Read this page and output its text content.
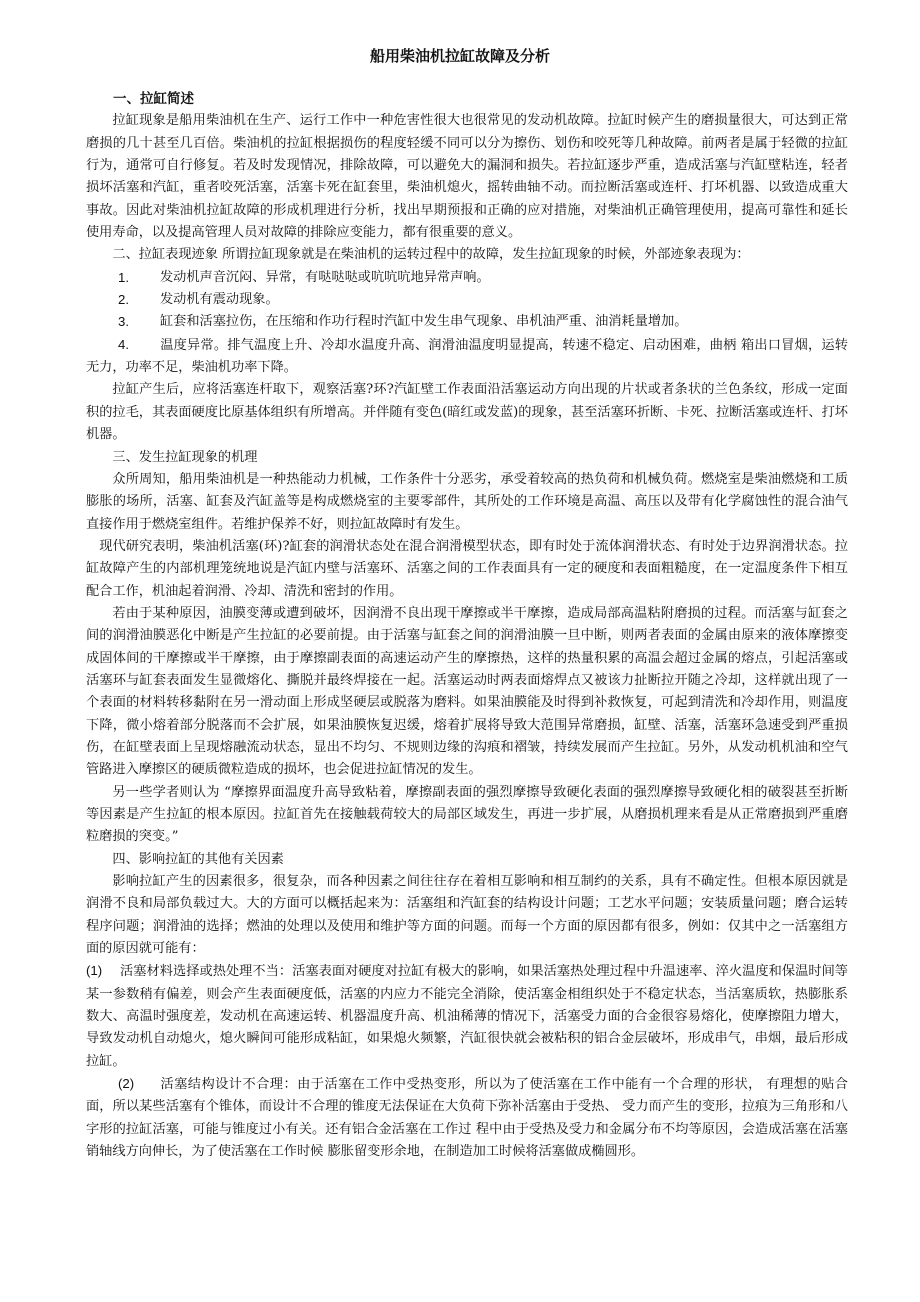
船用柴油机拉缸故障及分析

一、拉缸简述

拉缸现象是船用柴油机在生产、运行工作中一种危害性很大也很常见的发动机故障。拉缸时候产生的磨损量很大，可达到正常磨损的几十甚至几百倍。柴油机的拉缸根据损伤的程度轻缓不同可以分为擦伤、划伤和咬死等几种故障。前两者是属于轻微的拉缸行为，通常可自行修复。若及时发现情况，排除故障，可以避免大的漏洞和损失。若拉缸逐步严重，造成活塞与汽缸壁粘连，轻者损坏活塞和汽缸，重者咬死活塞，活塞卡死在缸套里，柴油机熄火，摇转曲轴不动。而拉断活塞或连杆、打坏机器、以致造成重大事故。因此对柴油机拉缸故障的形成机理进行分析，找出早期预报和正确的应对措施，对柴油机正确管理使用，提高可靠性和延长使用寿命，以及提高管理人员对故障的排除应变能力，都有很重要的意义。

二、拉缸表现迹象 所谓拉缸现象就是在柴油机的运转过程中的故障，发生拉缸现象的时候，外部迹象表现为：

1. 发动机声音沉闷、异常，有哒哒哒或吭吭吭地异常声响。

2. 发动机有震动现象。

3. 缸套和活塞拉伤，在压缩和作功行程时汽缸中发生串气现象、串机油严重、油消耗量增加。

4. 温度异常。排气温度上升、冷却水温度升高、润滑油温度明显提高，转速不稳定、启动困难，曲柄 箱出口冒烟，运转无力，功率不足，柴油机功率下降。

拉缸产生后，应将活塞连杆取下，观察活塞?环?汽缸壁工作表面沿活塞运动方向出现的片状或者条状的兰色条纹，形成一定面积的拉毛，其表面硬度比原基体组织有所增高。并伴随有变色(暗红或发蓝)的现象，甚至活塞环折断、卡死、拉断活塞或连杆、打坏机器。

三、发生拉缸现象的机理

众所周知，船用柴油机是一种热能动力机械，工作条件十分恶劣，承受着较高的热负荷和机械负荷。燃烧室是柴油燃烧和工质膨胀的场所，活塞、缸套及汽缸盖等是构成燃烧室的主要零部件，其所处的工作环境是高温、高压以及带有化学腐蚀性的混合油气直接作用于燃烧室组件。若维护保养不好，则拉缸故障时有发生。

现代研究表明，柴油机活塞(环)?缸套的润滑状态处在混合润滑模型状态，即有时处于流体润滑状态、有时处于边界润滑状态。拉缸故障产生的内部机理笼统地说是汽缸内壁与活塞环、活塞之间的工作表面具有一定的硬度和表面粗糙度，在一定温度条件下相互配合工作，机油起着润滑、冷却、清洗和密封的作用。

若由于某种原因，油膜变薄或遭到破坏，因润滑不良出现干摩擦或半干摩擦，造成局部高温粘附磨损的过程。而活塞与缸套之间的润滑油膜恶化中断是产生拉缸的必要前提。由于活塞与缸套之间的润滑油膜一旦中断，则两者表面的金属由原来的液体摩擦变成固体间的干摩擦或半干摩擦，由于摩擦副表面的高速运动产生的摩擦热，这样的热量积累的高温会超过金属的熔点，引起活塞或活塞环与缸套表面发生显微熔化、撕脱并最终焊接在一起。活塞运动时两表面熔焊点又被该力扯断拉开随之冷却，这样就出现了一个表面的材料转移黏附在另一滑动面上形成坚硬层或脱落为磨料。如果油膜能及时得到补救恢复，可起到清洗和冷却作用，则温度下降，微小熔着部分脱落而不会扩展，如果油膜恢复迟缓，熔着扩展将导致大范围异常磨损，缸壁、活塞，活塞环急速受到严重损伤，在缸壁表面上呈现熔融流动状态，显出不均匀、不规则边缘的沟痕和褶皱，持续发展而产生拉缸。另外，从发动机机油和空气管路进入摩擦区的硬质微粒造成的损坏，也会促进拉缸情况的发生。

另一些学者则认为 “摩擦界面温度升高导致粘着，摩擦副表面的强烈摩擦导致硬化表面的强烈摩擦导致硬化相的破裂甚至折断等因素是产生拉缸的根本原因。拉缸首先在接触载荷较大的局部区域发生，再进一步扩展，从磨损机理来看是从正常磨损到严重磨粒磨损的突变。”

四、影响拉缸的其他有关因素

影响拉缸产生的因素很多，很复杂，而各种因素之间往往存在着相互影响和相互制约的关系，具有不确定性。但根本原因就是润滑不良和局部负载过大。大的方面可以概括起来为：活塞组和汽缸套的结构设计问题；工艺水平问题；安装质量问题；磨合运转程序问题；润滑油的选择；燃油的处理以及使用和维护等方面的问题。而每一个方面的原因都有很多，例如：仅其中之一活塞组方面的原因就可能有：

(1) 活塞材料选择或热处理不当：活塞表面对硬度对拉缸有极大的影响，如果活塞热处理过程中升温速率、淬火温度和保温时间等某一参数稍有偏差，则会产生表面硬度低，活塞的内应力不能完全消除，使活塞金相组织处于不稳定状态，当活塞质软，热膨胀系数大、高温时强度差，发动机在高速运转、机器温度升高、机油稀薄的情况下，活塞受力面的合金很容易熔化，使摩擦阻力增大，导致发动机自动熄火，熄火瞬间可能形成粘缸，如果熄火频繁，汽缸很快就会被粘积的铝合金层破坏，形成串气，串烟，最后形成拉缸。

(2) 活塞结构设计不合理：由于活塞在工作中受热变形，所以为了使活塞在工作中能有一个合理的形状， 有理想的贴合面，所以某些活塞有个锥体，而设计不合理的锥度无法保证在大负荷下弥补活塞由于受热、 受力而产生的变形，拉痕为三角形和八字形的拉缸活塞，可能与锥度过小有关。还有铝合金活塞在工作过 程中由于受热及受力和金属分布不均等原因，会造成活塞在活塞销轴线方向伸长，为了使活塞在工作时候 膨胀留变形余地，在制造加工时候将活塞做成椭圆形。
